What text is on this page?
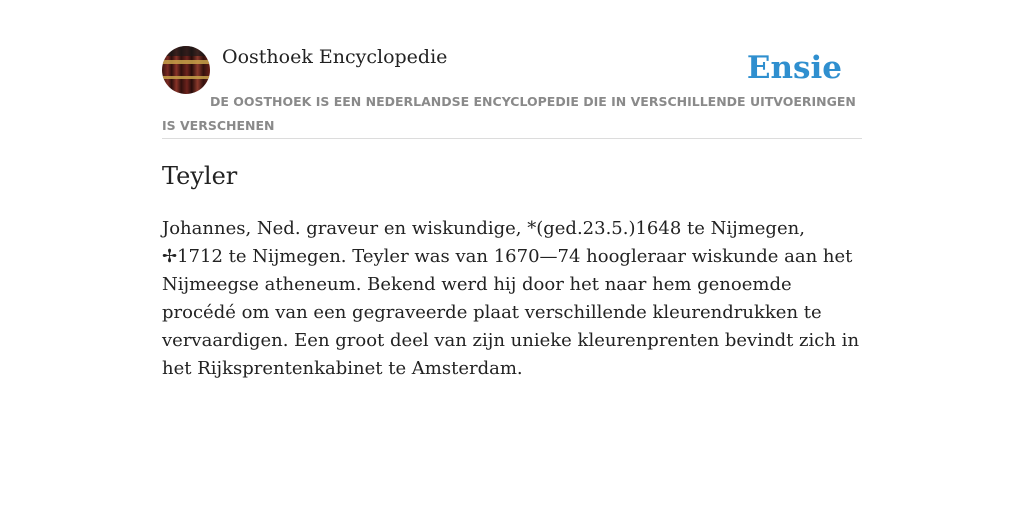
Oosthoek Encyclopedie	Ensie
DE OOSTHOEK IS EEN NEDERLANDSE ENCYCLOPEDIE DIE IN VERSCHILLENDE UITVOERINGEN IS VERSCHENEN
Teyler

Johannes, Ned. graveur en wiskundige, *(ged.23.5.)1648 te Nijmegen, ✢1712 te Nijmegen. Teyler was van 1670—74 hoogleraar wiskunde aan het Nijmeegse atheneum. Bekend werd hij door het naar hem genoemde procédé om van een gegraveerde plaat verschillende kleurendrukken te vervaardigen. Een groot deel van zijn unieke kleurenprenten bevindt zich in het Rijksprentenkabinet te Amsterdam.
